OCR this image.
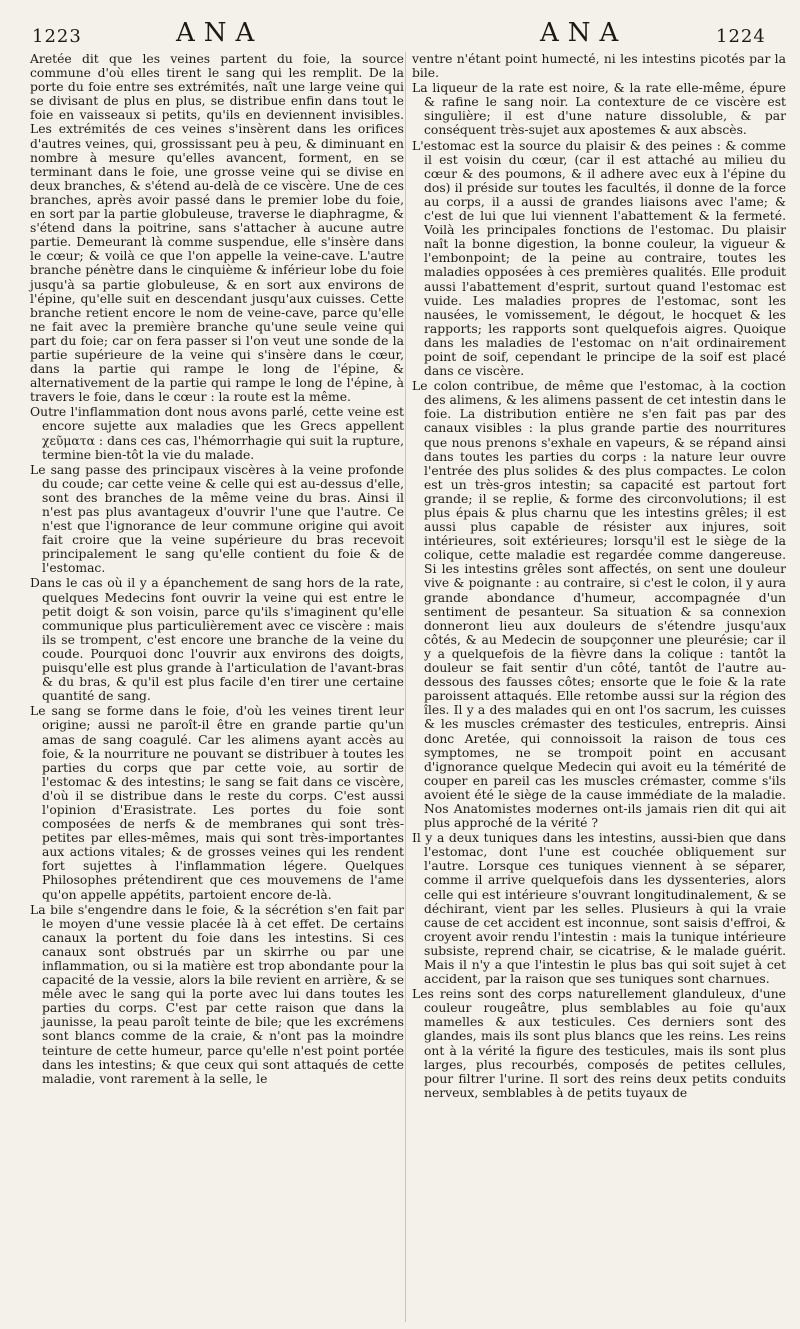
1223	ANA	ANA	1224

Aretée dit que les veines partent du foie, la source commune d'où elles tirent le sang qui les remplit. De la porte du foie entre ses extrémités, naît une large veine qui se divisant de plus en plus, se distribue enfin dans tout le foie en vaisseaux si petits, qu'ils en deviennent invisibles. Les extrémités de ces veines s'insèrent dans les orifices d'autres veines, qui, grossissant peu à peu, & diminuant en nombre à mesure qu'elles avancent, forment, en se terminant dans le foie, une grosse veine qui se divise en deux branches, & s'étend au-delà de ce viscère. Une de ces branches, après avoir passé dans le premier lobe du foie, en sort par la partie globuleuse, traverse le diaphragme, & s'étend dans la poitrine, sans s'attacher à aucune autre partie. Demeurant là comme suspendue, elle s'insère dans le cœur; & voilà ce que l'on appelle la veine-cave. L'autre branche pénètre dans le cinquième & inférieur lobe du foie jusqu'à sa partie globuleuse, & en sort aux environs de l'épine, qu'elle suit en descendant jusqu'aux cuisses. Cette branche retient encore le nom de veine-cave, parce qu'elle ne fait avec la première branche qu'une seule veine qui part du foie; car on fera passer si l'on veut une sonde de la partie supérieure de la veine qui s'insère dans le cœur, dans la partie qui rampe le long de l'épine, & alternativement de la partie qui rampe le long de l'épine, à travers le foie, dans le cœur : la route est la même.

Outre l'inflammation dont nous avons parlé, cette veine est encore sujette aux maladies que les Grecs appellent χεῦματα : dans ces cas, l'hémorrhagie qui suit la rupture, termine bien-tôt la vie du malade.

Le sang passe des principaux viscères à la veine profonde du coude; car cette veine & celle qui est au-dessus d'elle, sont des branches de la même veine du bras. Ainsi il n'est pas plus avantageux d'ouvrir l'une que l'autre. Ce n'est que l'ignorance de leur commune origine qui avoit fait croire que la veine supérieure du bras recevoit principalement le sang qu'elle contient du foie & de l'estomac.

Dans le cas où il y a épanchement de sang hors de la rate, quelques Medecins font ouvrir la veine qui est entre le petit doigt & son voisin, parce qu'ils s'imaginent qu'elle communique plus particulièrement avec ce viscère : mais ils se trompent, c'est encore une branche de la veine du coude. Pourquoi donc l'ouvrir aux environs des doigts, puisqu'elle est plus grande à l'articulation de l'avant-bras & du bras, & qu'il est plus facile d'en tirer une certaine quantité de sang.

Le sang se forme dans le foie, d'où les veines tirent leur origine; aussi ne paroît-il être en grande partie qu'un amas de sang coagulé. Car les alimens ayant accès au foie, & la nourriture ne pouvant se distribuer à toutes les parties du corps que par cette voie, au sortir de l'estomac & des intestins; le sang se fait dans ce viscère, d'où il se distribue dans le reste du corps. C'est aussi l'opinion d'Erasistrate. Les portes du foie sont composées de nerfs & de membranes qui sont très-petites par elles-mêmes, mais qui sont très-importantes aux actions vitales; & de grosses veines qui les rendent fort sujettes à l'inflammation légere. Quelques Philosophes prétendirent que ces mouvemens de l'ame qu'on appelle appétits, partoient encore de-là.

La bile s'engendre dans le foie, & la sécrétion s'en fait par le moyen d'une vessie placée là à cet effet. De certains canaux la portent du foie dans les intestins. Si ces canaux sont obstrués par un skirrhe ou par une inflammation, ou si la matière est trop abondante pour la capacité de la vessie, alors la bile revient en arrière, & se mêle avec le sang qui la porte avec lui dans toutes les parties du corps. C'est par cette raison que dans la jaunisse, la peau paroît teinte de bile; que les excrémens sont blancs comme de la craie, & n'ont pas la moindre teinture de cette humeur, parce qu'elle n'est point portée dans les intestins; & que ceux qui sont attaqués de cette maladie, vont rarement à la selle, le

ventre n'étant point humecté, ni les intestins picotés par la bile.

La liqueur de la rate est noire, & la rate elle-même, épure & rafine le sang noir. La contexture de ce viscère est singulière; il est d'une nature dissoluble, & par conséquent très-sujet aux apostemes & aux abscès.

L'estomac est la source du plaisir & des peines : & comme il est voisin du cœur, (car il est attaché au milieu du cœur & des poumons, & il adhere avec eux à l'épine du dos) il préside sur toutes les facultés, il donne de la force au corps, il a aussi de grandes liaisons avec l'ame; & c'est de lui que lui viennent l'abattement & la fermeté. Voilà les principales fonctions de l'estomac. Du plaisir naît la bonne digestion, la bonne couleur, la vigueur & l'embonpoint; de la peine au contraire, toutes les maladies opposées à ces premières qualités. Elle produit aussi l'abattement d'esprit, surtout quand l'estomac est vuide. Les maladies propres de l'estomac, sont les nausées, le vomissement, le dégout, le hocquet & les rapports; les rapports sont quelquefois aigres. Quoique dans les maladies de l'estomac on n'ait ordinairement point de soif, cependant le principe de la soif est placé dans ce viscère.

Le colon contribue, de même que l'estomac, à la coction des alimens, & les alimens passent de cet intestin dans le foie. La distribution entière ne s'en fait pas par des canaux visibles : la plus grande partie des nourritures que nous prenons s'exhale en vapeurs, & se répand ainsi dans toutes les parties du corps : la nature leur ouvre l'entrée des plus solides & des plus compactes. Le colon est un très-gros intestin; sa capacité est partout fort grande; il se replie, & forme des circonvolutions; il est plus épais & plus charnu que les intestins grêles; il est aussi plus capable de résister aux injures, soit intérieures, soit extérieures; lorsqu'il est le siège de la colique, cette maladie est regardée comme dangereuse. Si les intestins grêles sont affectés, on sent une douleur vive & poignante : au contraire, si c'est le colon, il y aura grande abondance d'humeur, accompagnée d'un sentiment de pesanteur. Sa situation & sa connexion donneront lieu aux douleurs de s'étendre jusqu'aux côtés, & au Medecin de soupçonner une pleurésie; car il y a quelquefois de la fièvre dans la colique : tantôt la douleur se fait sentir d'un côté, tantôt de l'autre au-dessous des fausses côtes; ensorte que le foie & la rate paroissent attaqués. Elle retombe aussi sur la région des îles. Il y a des malades qui en ont l'os sacrum, les cuisses & les muscles crémaster des testicules, entrepris. Ainsi donc Aretée, qui connoissoit la raison de tous ces symptomes, ne se trompoit point en accusant d'ignorance quelque Medecin qui avoit eu la témérité de couper en pareil cas les muscles crémaster, comme s'ils avoient été le siège de la cause immédiate de la maladie. Nos Anatomistes modernes ont-ils jamais rien dit qui ait plus approché de la vérité ?

Il y a deux tuniques dans les intestins, aussi-bien que dans l'estomac, dont l'une est couchée obliquement sur l'autre. Lorsque ces tuniques viennent à se séparer, comme il arrive quelquefois dans les dyssenteries, alors celle qui est intérieure s'ouvrant longitudinalement, & se déchirant, vient par les selles. Plusieurs à qui la vraie cause de cet accident est inconnue, sont saisis d'effroi, & croyent avoir rendu l'intestin : mais la tunique intérieure subsiste, reprend chair, se cicatrise, & le malade guérit. Mais il n'y a que l'intestin le plus bas qui soit sujet à cet accident, par la raison que ses tuniques sont charnues.

Les reins sont des corps naturellement glanduleux, d'une couleur rougeâtre, plus semblables au foie qu'aux mamelles & aux testicules. Ces derniers sont des glandes, mais ils sont plus blancs que les reins. Les reins ont à la vérité la figure des testicules, mais ils sont plus larges, plus recourbés, composés de petites cellules, pour filtrer l'urine. Il sort des reins deux petits conduits nerveux, semblables à de petits tuyaux de
